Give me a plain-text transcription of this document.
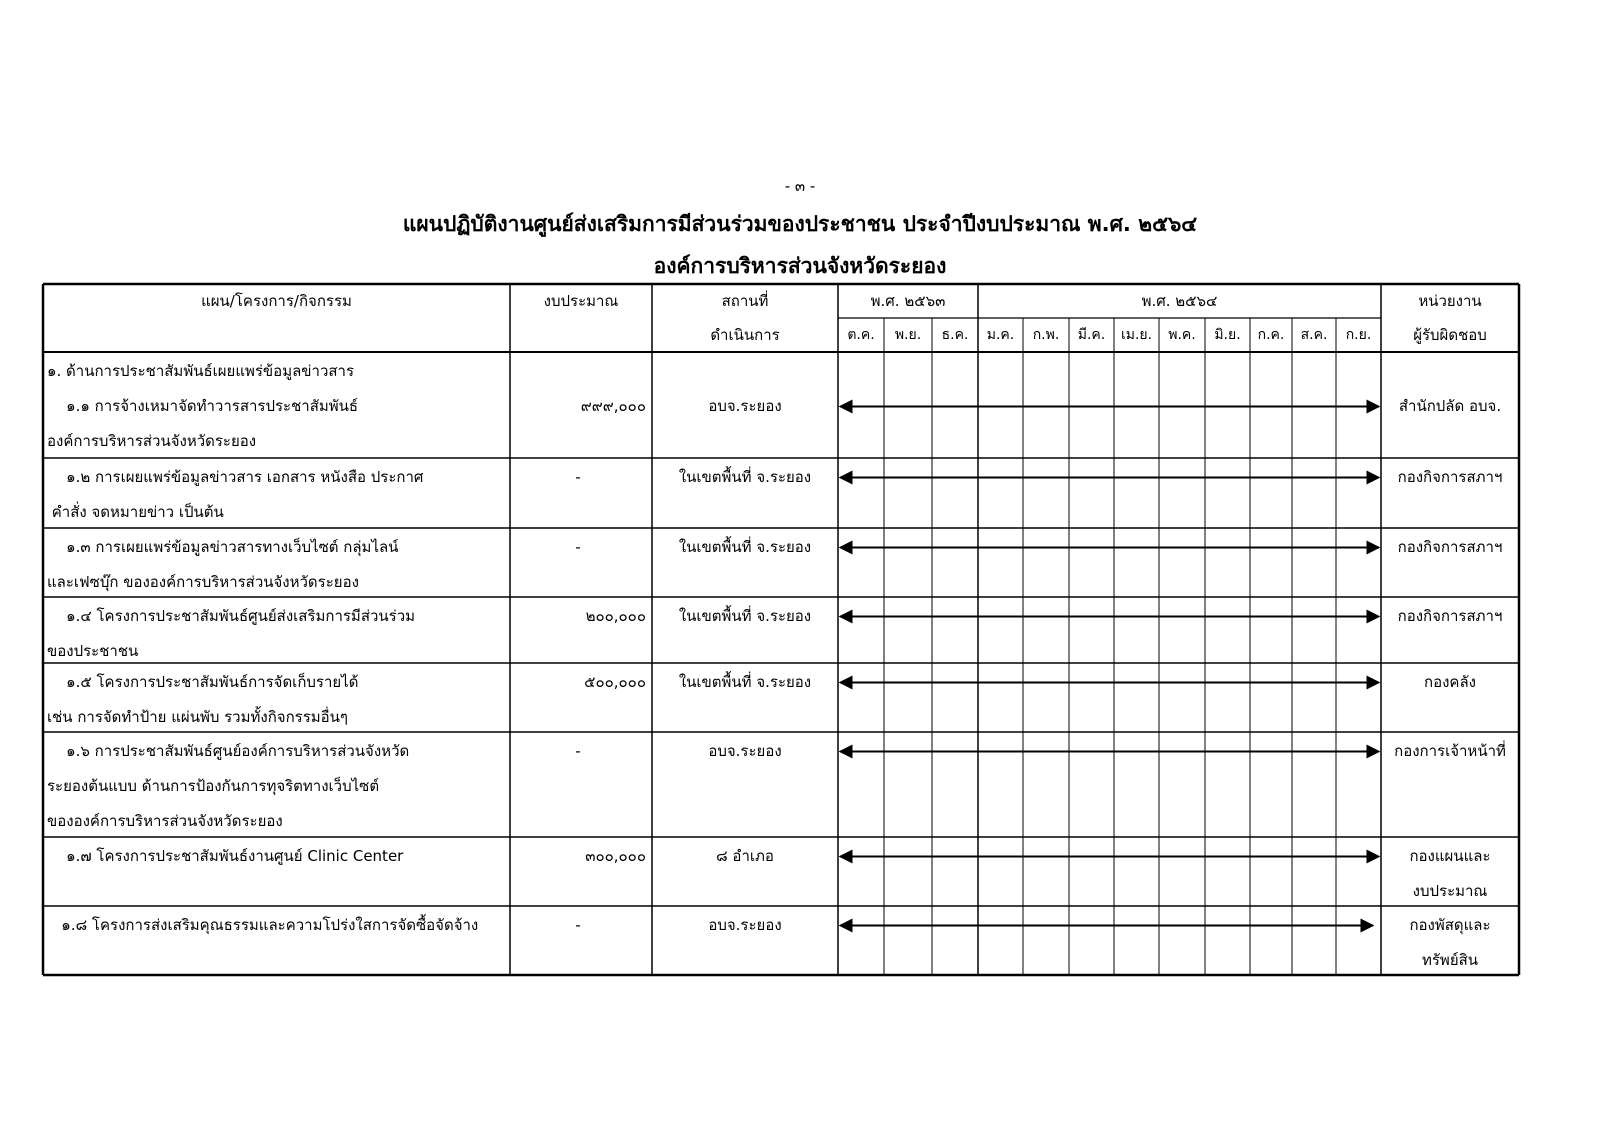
- ๓ -
แผนปฏิบัติงานศูนย์ส่งเสริมการมีส่วนร่วมของประชาชน ประจำปีงบประมาณ พ.ศ. ๒๕๖๔
องค์การบริหารส่วนจังหวัดระยอง
แผน/โครงการ/กิจกรรม	งบประมาณ	สถานที่
ดำเนินการ
พ.ศ. ๒๕๖๓	พ.ศ. ๒๕๖๔	หน่วยงาน
ผู้รับผิดชอบ
ต.ค.	พ.ย.	ธ.ค.	ม.ค.	ก.พ.	มี.ค.	เม.ย.	พ.ค.	มิ.ย.	ก.ค.	ส.ค.	ก.ย.
๑. ด้านการประชาสัมพันธ์เผยแพร่ข้อมูลข่าวสาร
๑.๑ การจ้างเหมาจัดทำวารสารประชาสัมพันธ์
องค์การบริหารส่วนจังหวัดระยอง
๙๙๙,๐๐๐	อบจ.ระยอง	สำนักปลัด อบจ.
๑.๒ การเผยแพร่ข้อมูลข่าวสาร เอกสาร หนังสือ ประกาศ
คำสั่ง จดหมายข่าว เป็นต้น
-	ในเขตพื้นที่ จ.ระยอง	กองกิจการสภาฯ
๑.๓ การเผยแพร่ข้อมูลข่าวสารทางเว็บไซต์ กลุ่มไลน์
และเฟซบุ๊ก ขององค์การบริหารส่วนจังหวัดระยอง
-	ในเขตพื้นที่ จ.ระยอง	กองกิจการสภาฯ
๑.๔ โครงการประชาสัมพันธ์ศูนย์ส่งเสริมการมีส่วนร่วม
ของประชาชน
๒๐๐,๐๐๐	ในเขตพื้นที่ จ.ระยอง	กองกิจการสภาฯ
๑.๕ โครงการประชาสัมพันธ์การจัดเก็บรายได้
เช่น การจัดทำป้าย แผ่นพับ รวมทั้งกิจกรรมอื่นๆ
๕๐๐,๐๐๐	ในเขตพื้นที่ จ.ระยอง	กองคลัง
๑.๖ การประชาสัมพันธ์ศูนย์องค์การบริหารส่วนจังหวัด
ระยองต้นแบบ ด้านการป้องกันการทุจริตทางเว็บไซต์
ขององค์การบริหารส่วนจังหวัดระยอง
-	อบจ.ระยอง	กองการเจ้าหน้าที่
๑.๗ โครงการประชาสัมพันธ์งานศูนย์ Clinic Center	๓๐๐,๐๐๐	๘ อำเภอ	กองแผนและ
งบประมาณ
๑.๘ โครงการส่งเสริมคุณธรรมและความโปร่งใสการจัดซื้อจัดจ้าง	-	อบจ.ระยอง	กองพัสดุและ
ทรัพย์สิน
